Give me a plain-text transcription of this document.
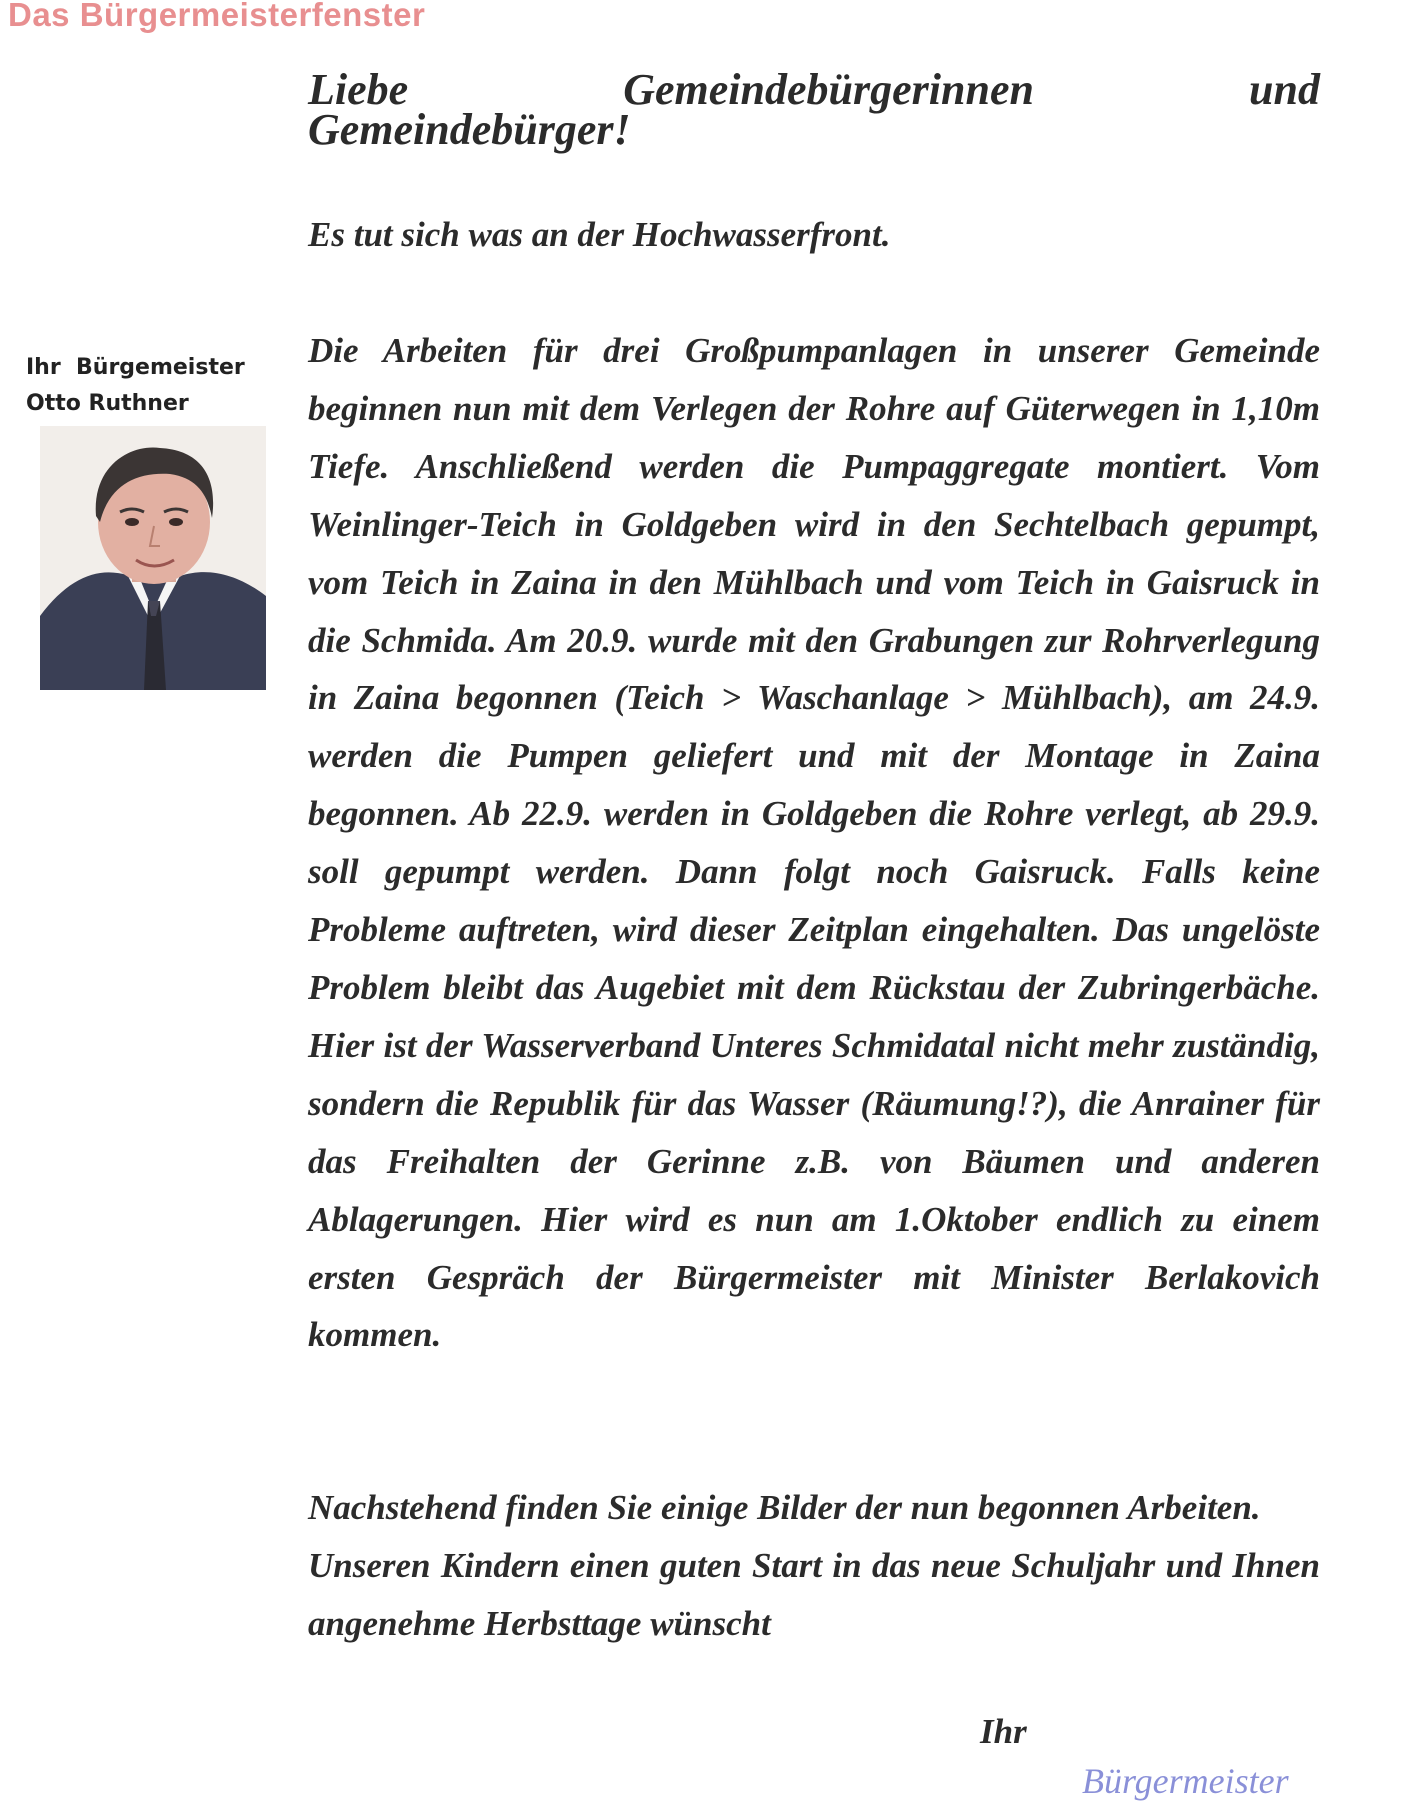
Das Bürgermeisterfenster
Ihr  Bürgemeister
Otto Ruthner
Liebe	Gemeindebürgerinnen	und
Gemeindebürger!
Es tut sich was an der Hochwasserfront.
Die Arbeiten für drei Großpumpanlagen in unserer Gemeinde beginnen nun mit dem Verlegen der Rohre auf Güterwegen in 1,10m Tiefe. Anschließend werden die Pumpaggregate montiert. Vom Weinlinger-Teich in Goldgeben wird in den Sechtelbach gepumpt, vom Teich in Zaina in den Mühlbach und vom Teich in Gaisruck in die Schmida. Am 20.9. wurde mit den Grabungen zur Rohrverlegung in Zaina begonnen (Teich > Waschanlage > Mühlbach), am 24.9. werden die Pumpen geliefert und mit der Montage in Zaina begonnen. Ab 22.9. werden in Goldgeben die Rohre verlegt, ab 29.9. soll gepumpt werden. Dann folgt noch Gaisruck. Falls keine Probleme auftreten, wird dieser Zeitplan eingehalten. Das ungelöste Problem bleibt das Augebiet mit dem Rückstau der Zubringerbäche. Hier ist der Wasserverband Unteres Schmidatal nicht mehr zuständig, sondern die Republik für das Wasser (Räumung!?), die Anrainer für das Freihalten der Gerinne z.B. von Bäumen und anderen Ablagerungen. Hier wird es nun am 1.Oktober endlich zu einem ersten Gespräch der Bürgermeister mit Minister Berlakovich kommen.

Nachstehend finden Sie einige Bilder der nun begonnen Arbeiten.

Unseren Kindern einen guten Start in das neue Schuljahr und Ihnen angenehme Herbsttage wünscht

Ihr
Bürgermeister
